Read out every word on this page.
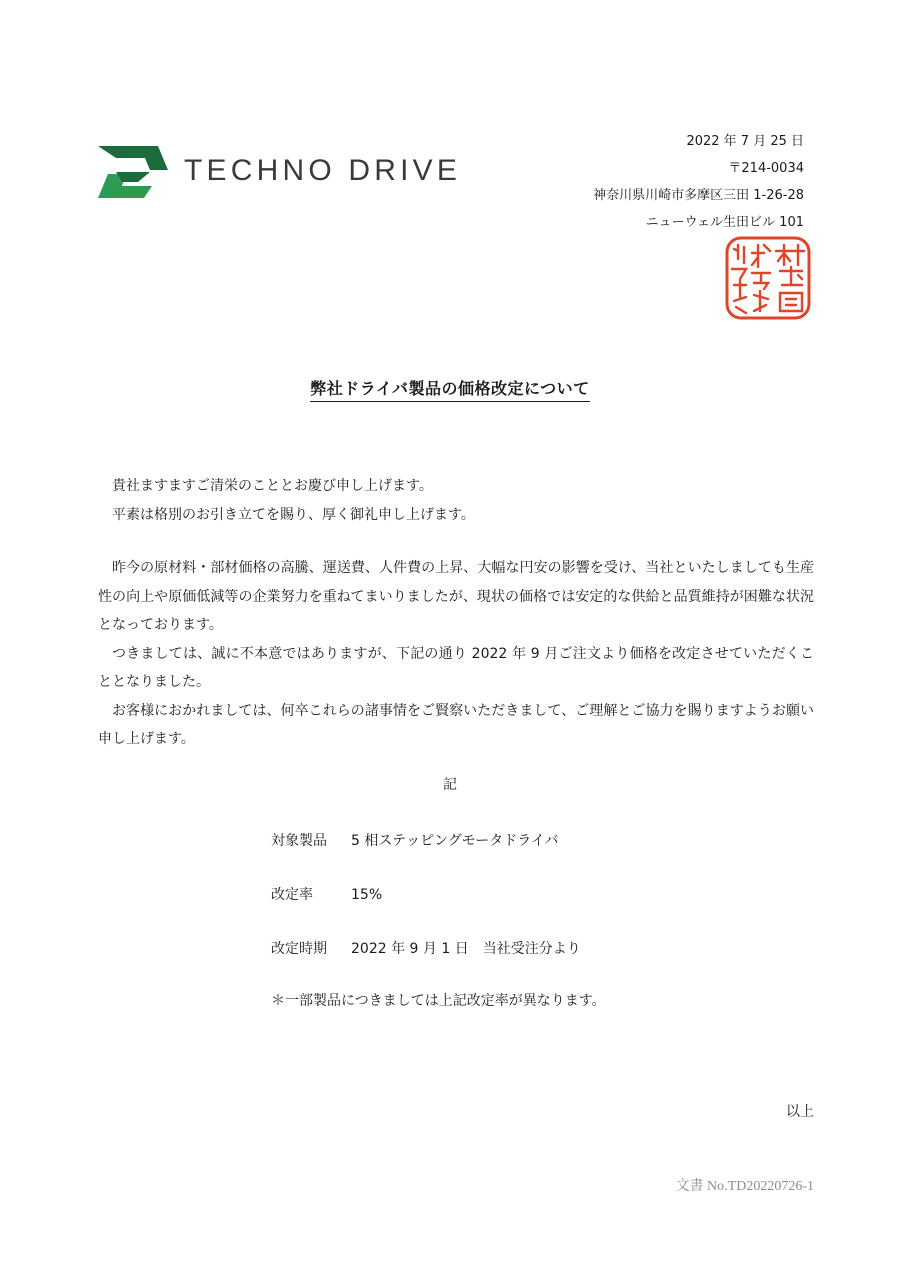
TECHNO DRIVE
2022 年 7 月 25 日
〒214-0034
神奈川県川崎市多摩区三田 1-26-28
ニューウェル生田ビル 101
弊社ドライバ製品の価格改定について

貴社ますますご清栄のこととお慶び申し上げます。

平素は格別のお引き立てを賜り、厚く御礼申し上げます。

昨今の原材料・部材価格の高騰、運送費、人件費の上昇、大幅な円安の影響を受け、当社といたしましても生産性の向上や原価低減等の企業努力を重ねてまいりましたが、現状の価格では安定的な供給と品質維持が困難な状況となっております。

つきましては、誠に不本意ではありますが、下記の通り 2022 年 9 月ご注文より価格を改定させていただくこととなりました。

お客様におかれましては、何卒これらの諸事情をご賢察いただきまして、ご理解とご協力を賜りますようお願い申し上げます。

記
対象製品 5 相ステッピングモータドライバ
改定率	15%
改定時期 2022 年 9 月 1 日　当社受注分より
＊一部製品につきましては上記改定率が異なります。
以上
文書 No.TD20220726-1
